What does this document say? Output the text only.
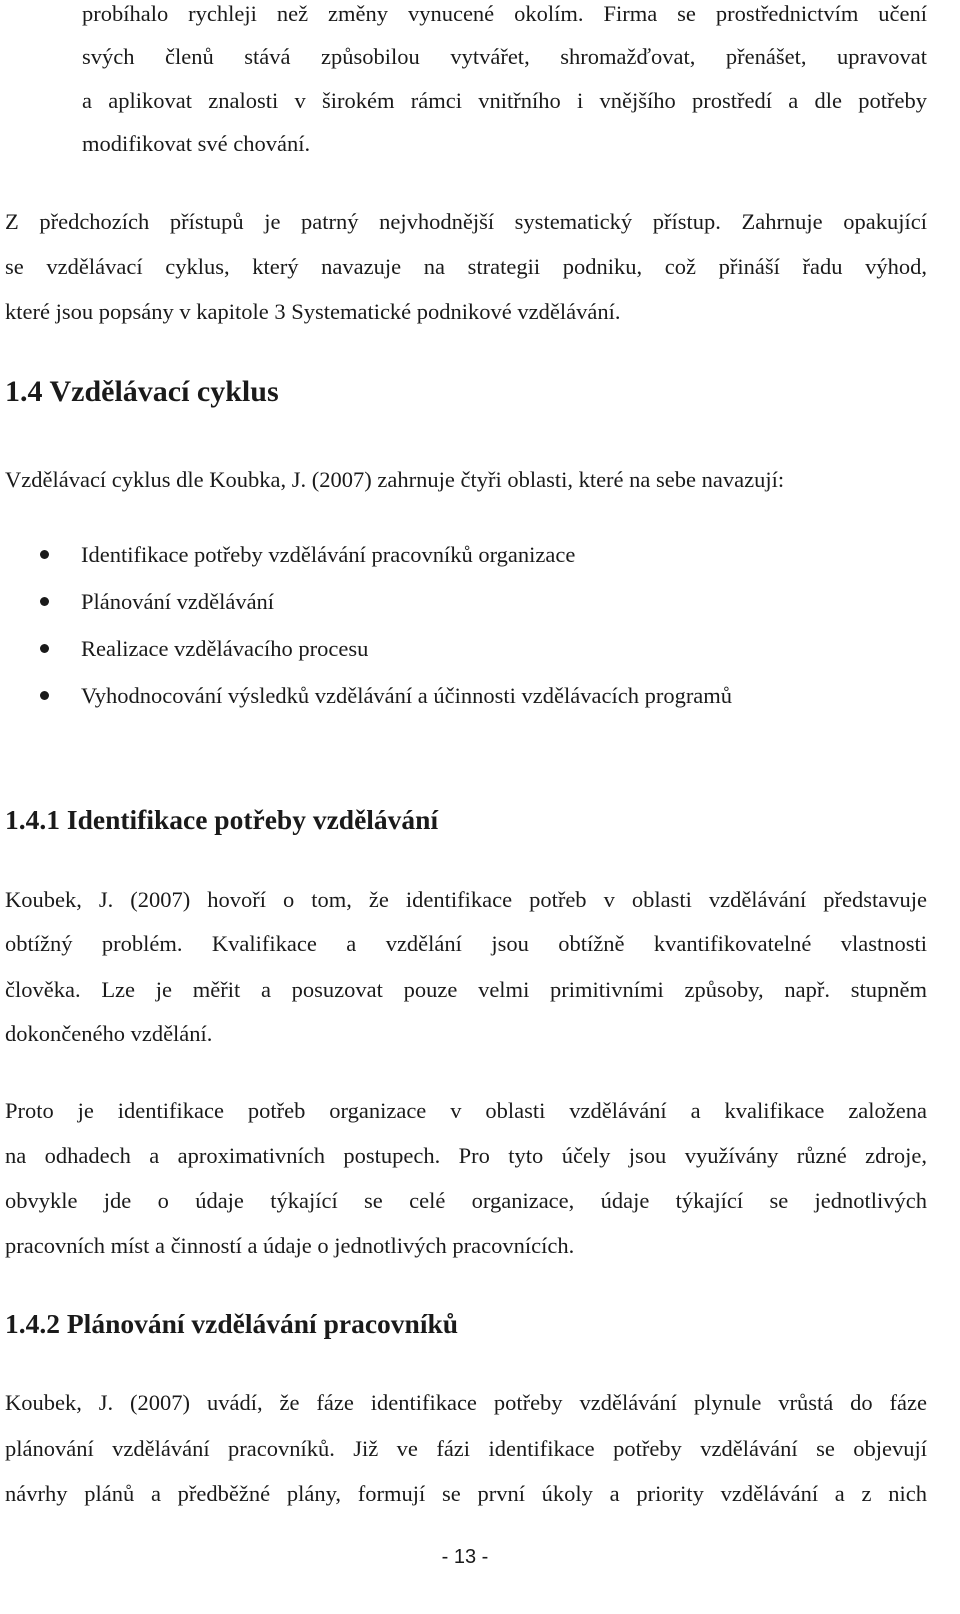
probíhalo rychleji než změny vynucené okolím. Firma se prostřednictvím učení

svých členů stává způsobilou vytvářet, shromažďovat, přenášet, upravovat

a aplikovat znalosti v širokém rámci vnitřního i vnějšího prostředí a dle potřeby

modifikovat své chování.

Z předchozích přístupů je patrný nejvhodnější systematický přístup. Zahrnuje opakující

se vzdělávací cyklus, který navazuje na strategii podniku, což přináší řadu výhod,

které jsou popsány v kapitole 3 Systematické podnikové vzdělávání.

1.4 Vzdělávací cyklus

Vzdělávací cyklus dle Koubka, J. (2007) zahrnuje čtyři oblasti, které na sebe navazují:

Identifikace potřeby vzdělávání pracovníků organizace

Plánování vzdělávání

Realizace vzdělávacího procesu

Vyhodnocování výsledků vzdělávání a účinnosti vzdělávacích programů

1.4.1 Identifikace potřeby vzdělávání

Koubek, J. (2007) hovoří o tom, že identifikace potřeb v oblasti vzdělávání představuje

obtížný problém. Kvalifikace a vzdělání jsou obtížně kvantifikovatelné vlastnosti

člověka. Lze je měřit a posuzovat pouze velmi primitivními způsoby, např. stupněm

dokončeného vzdělání.

Proto je identifikace potřeb organizace v oblasti vzdělávání a kvalifikace založena

na odhadech a aproximativních postupech. Pro tyto účely jsou využívány různé zdroje,

obvykle jde o údaje týkající se celé organizace, údaje týkající se jednotlivých

pracovních míst a činností a údaje o jednotlivých pracovnících.

1.4.2 Plánování vzdělávání pracovníků

Koubek, J. (2007) uvádí, že fáze identifikace potřeby vzdělávání plynule vrůstá do fáze

plánování vzdělávání pracovníků. Již ve fázi identifikace potřeby vzdělávání se objevují

návrhy plánů a předběžné plány, formují se první úkoly a priority vzdělávání a z nich

- 13 -
